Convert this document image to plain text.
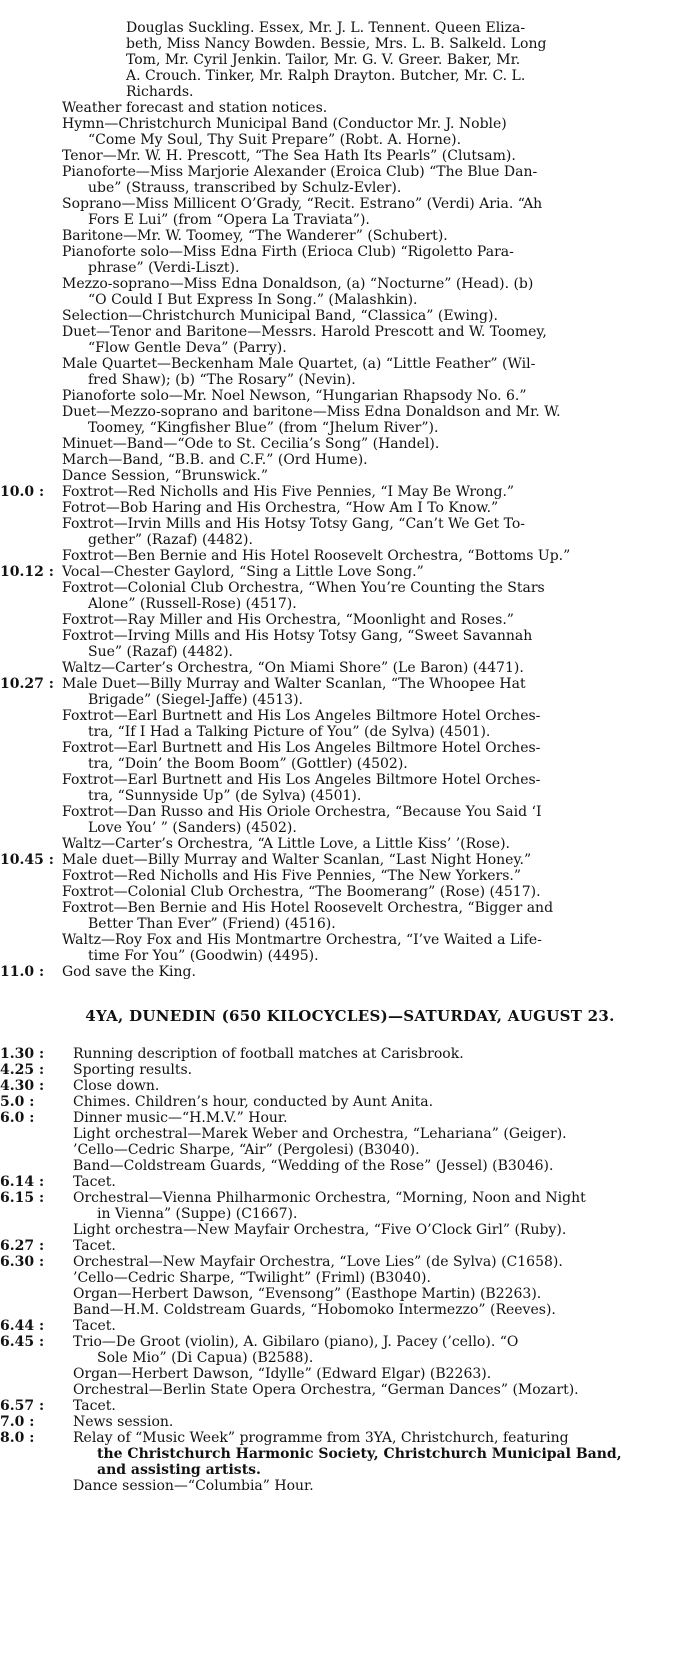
Douglas Suckling. Essex, Mr. J. L. Tennent. Queen Eliza-
beth, Miss Nancy Bowden. Bessie, Mrs. L. B. Salkeld. Long
Tom, Mr. Cyril Jenkin. Tailor, Mr. G. V. Greer. Baker, Mr.
A. Crouch. Tinker, Mr. Ralph Drayton. Butcher, Mr. C. L.
Richards.
Weather forecast and station notices.
Hymn—Christchurch Municipal Band (Conductor Mr. J. Noble)
“Come My Soul, Thy Suit Prepare” (Robt. A. Horne).
Tenor—Mr. W. H. Prescott, “The Sea Hath Its Pearls” (Clutsam).
Pianoforte—Miss Marjorie Alexander (Eroica Club) “The Blue Dan-
ube” (Strauss, transcribed by Schulz-Evler).
Soprano—Miss Millicent O’Grady, “Recit. Estrano” (Verdi) Aria. “Ah
Fors E Lui” (from “Opera La Traviata”).
Baritone—Mr. W. Toomey, “The Wanderer” (Schubert).
Pianoforte solo—Miss Edna Firth (Erioca Club) “Rigoletto Para-
phrase” (Verdi-Liszt).
Mezzo-soprano—Miss Edna Donaldson, (a) “Nocturne” (Head). (b)
“O Could I But Express In Song.” (Malashkin).
Selection—Christchurch Municipal Band, “Classica” (Ewing).
Duet—Tenor and Baritone—Messrs. Harold Prescott and W. Toomey,
“Flow Gentle Deva” (Parry).
Male Quartet—Beckenham Male Quartet, (a) “Little Feather” (Wil-
fred Shaw); (b) “The Rosary” (Nevin).
Pianoforte solo—Mr. Noel Newson, “Hungarian Rhapsody No. 6.”
Duet—Mezzo-soprano and baritone—Miss Edna Donaldson and Mr. W.
Toomey, “Kingfisher Blue” (from “Jhelum River”).
Minuet—Band—“Ode to St. Cecilia’s Song” (Handel).
March—Band, “B.B. and C.F.” (Ord Hume).
Dance Session, “Brunswick.”
10.0 :	Foxtrot—Red Nicholls and His Five Pennies, “I May Be Wrong.”
Fotrot—Bob Haring and His Orchestra, “How Am I To Know.”
Foxtrot—Irvin Mills and His Hotsy Totsy Gang, “Can’t We Get To-
gether” (Razaf) (4482).
Foxtrot—Ben Bernie and His Hotel Roosevelt Orchestra, “Bottoms Up.”
10.12 : Vocal—Chester Gaylord, “Sing a Little Love Song.”
Foxtrot—Colonial Club Orchestra, “When You’re Counting the Stars
Alone” (Russell-Rose) (4517).
Foxtrot—Ray Miller and His Orchestra, “Moonlight and Roses.”
Foxtrot—Irving Mills and His Hotsy Totsy Gang, “Sweet Savannah
Sue” (Razaf) (4482).
Waltz—Carter’s Orchestra, “On Miami Shore” (Le Baron) (4471).
10.27 : Male Duet—Billy Murray and Walter Scanlan, “The Whoopee Hat
Brigade” (Siegel-Jaffe) (4513).
Foxtrot—Earl Burtnett and His Los Angeles Biltmore Hotel Orches-
tra, “If I Had a Talking Picture of You” (de Sylva) (4501).
Foxtrot—Earl Burtnett and His Los Angeles Biltmore Hotel Orches-
tra, “Doin’ the Boom Boom” (Gottler) (4502).
Foxtrot—Earl Burtnett and His Los Angeles Biltmore Hotel Orches-
tra, “Sunnyside Up” (de Sylva) (4501).
Foxtrot—Dan Russo and His Oriole Orchestra, “Because You Said ‘I
Love You’ ” (Sanders) (4502).
Waltz—Carter’s Orchestra, “A Little Love, a Little Kiss’ ’(Rose).
10.45 : Male duet—Billy Murray and Walter Scanlan, “Last Night Honey.”
Foxtrot—Red Nicholls and His Five Pennies, “The New Yorkers.”
Foxtrot—Colonial Club Orchestra, “The Boomerang” (Rose) (4517).
Foxtrot—Ben Bernie and His Hotel Roosevelt Orchestra, “Bigger and
Better Than Ever” (Friend) (4516).
Waltz—Roy Fox and His Montmartre Orchestra, “I’ve Waited a Life-
time For You” (Goodwin) (4495).
11.0 :	God save the King.
4YA, DUNEDIN (650 KILOCYCLES)—SATURDAY, AUGUST 23.
1.30 :	Running description of football matches at Carisbrook.
4.25 :	Sporting results.
4.30 :	Close down.
5.0 :	Chimes. Children’s hour, conducted by Aunt Anita.
6.0 :	Dinner music—“H.M.V.” Hour.
Light orchestral—Marek Weber and Orchestra, “Lehariana” (Geiger).
’Cello—Cedric Sharpe, “Air” (Pergolesi) (B3040).
Band—Coldstream Guards, “Wedding of the Rose” (Jessel) (B3046).
6.14 :	Tacet.
6.15 :	Orchestral—Vienna Philharmonic Orchestra, “Morning, Noon and Night
in Vienna” (Suppe) (C1667).
Light orchestra—New Mayfair Orchestra, “Five O’Clock Girl” (Ruby).
6.27 :	Tacet.
6.30 :	Orchestral—New Mayfair Orchestra, “Love Lies” (de Sylva) (C1658).
’Cello—Cedric Sharpe, “Twilight” (Friml) (B3040).
Organ—Herbert Dawson, “Evensong” (Easthope Martin) (B2263).
Band—H.M. Coldstream Guards, “Hobomoko Intermezzo” (Reeves).
6.44 :	Tacet.
6.45 :	Trio—De Groot (violin), A. Gibilaro (piano), J. Pacey (’cello). “O
Sole Mio” (Di Capua) (B2588).
Organ—Herbert Dawson, “Idylle” (Edward Elgar) (B2263).
Orchestral—Berlin State Opera Orchestra, “German Dances” (Mozart).
6.57 :	Tacet.
7.0 :	News session.
8.0 :	Relay of “Music Week” programme from 3YA, Christchurch, featuring
the Christchurch Harmonic Society, Christchurch Municipal Band,
and assisting artists.
Dance session—“Columbia” Hour.
